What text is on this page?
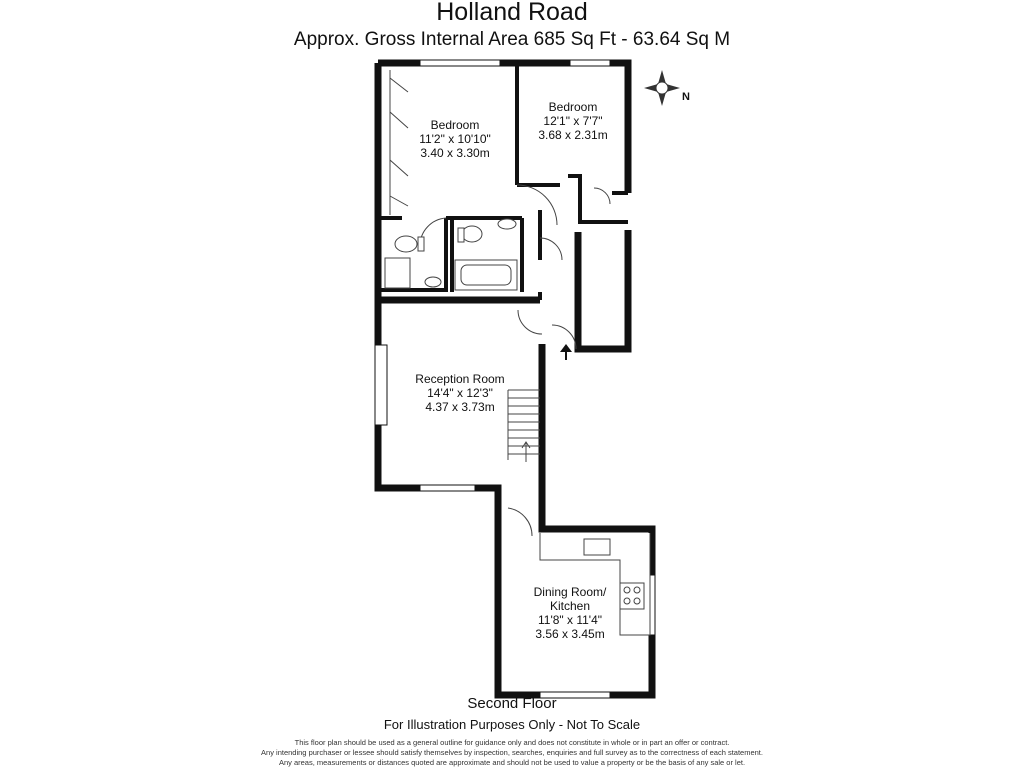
Holland Road
Approx. Gross Internal Area 685 Sq Ft - 63.64 Sq M
N
Bedroom
11'2" x 10'10"
3.40 x 3.30m
Bedroom
12'1" x 7'7"
3.68 x 2.31m
Reception Room
14'4" x 12'3"
4.37 x 3.73m
Dining Room/
Kitchen
11'8" x 11'4"
3.56 x 3.45m
Second Floor
For Illustration Purposes Only - Not To Scale
This floor plan should be used as a general outline for guidance only and does not constitute in whole or in part an offer or contract.
Any intending purchaser or lessee should satisfy themselves by inspection, searches, enquiries and full survey as to the correctness of each statement.
Any areas, measurements or distances quoted are approximate and should not be used to value a property or be the basis of any sale or let.
